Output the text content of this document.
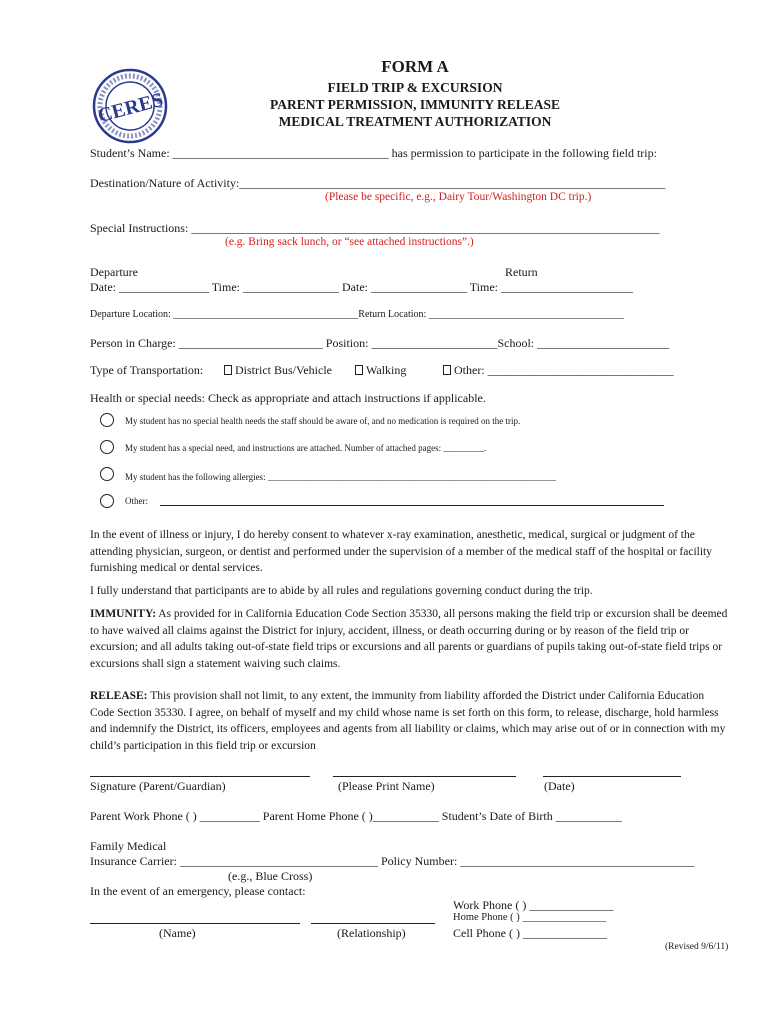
CERES
FORM A
FIELD TRIP & EXCURSION
PARENT PERMISSION, IMMUNITY RELEASE
MEDICAL TREATMENT AUTHORIZATION
Student’s Name: ____________________________________ has permission to participate in the following field trip:
Destination/Nature of Activity:_______________________________________________________________________
(Please be specific, e.g., Dairy Tour/Washington DC trip.)
Special Instructions: ______________________________________________________________________________
(e.g. Bring sack lunch, or “see attached instructions”.)
Departure	Return
Date: _______________ Time: ________________ Date: ________________ Time: ______________________
Departure Location: _____________________________________Return Location: _______________________________________
Person in Charge: ________________________ Position: _____________________School: ______________________
Type of Transportation:	District Bus/Vehicle	Walking	Other: _______________________________
Health or special needs: Check as appropriate and attach instructions if applicable.
My student has no special health needs the staff should be aware of, and no medication is required on the trip.
My student has a special need, and instructions are attached. Number of attached pages: _________.
My student has the following allergies: ________________________________________________________________
Other:
In the event of illness or injury, I do hereby consent to whatever x-ray examination, anesthetic, medical, surgical or judgment of the attending physician, surgeon, or dentist and performed under the supervision of a member of the medical staff of the hospital or facility furnishing medical or dental services.
I fully understand that participants are to abide by all rules and regulations governing conduct during the trip.
IMMUNITY: As provided for in California Education Code Section 35330, all persons making the field trip or excursion shall be deemed to have waived all claims against the District for injury, accident, illness, or death occurring during or by reason of the field trip or excursion; and all adults taking out-of-state field trips or excursions and all parents or guardians of pupils taking out-of-state field trips or excursions shall sign a statement waiving such claims.
RELEASE: This provision shall not limit, to any extent, the immunity from liability afforded the District under California Education Code Section 35330. I agree, on behalf of myself and my child whose name is set forth on this form, to release, discharge, hold harmless and indemnify the District, its officers, employees and agents from all liability or claims, which may arise out of or in connection with my child’s participation in this field trip or excursion
Signature (Parent/Guardian)	(Please Print Name)	(Date)
Parent Work Phone ( ) __________ Parent Home Phone ( )___________ Student’s Date of Birth ___________
Family Medical
Insurance Carrier: _________________________________ Policy Number: _______________________________________
(e.g., Blue Cross)
In the event of an emergency, please contact:
Work Phone ( ) ______________
Home Phone ( ) ________________
Cell Phone ( ) ______________
(Name)	(Relationship)
(Revised 9/6/11)
